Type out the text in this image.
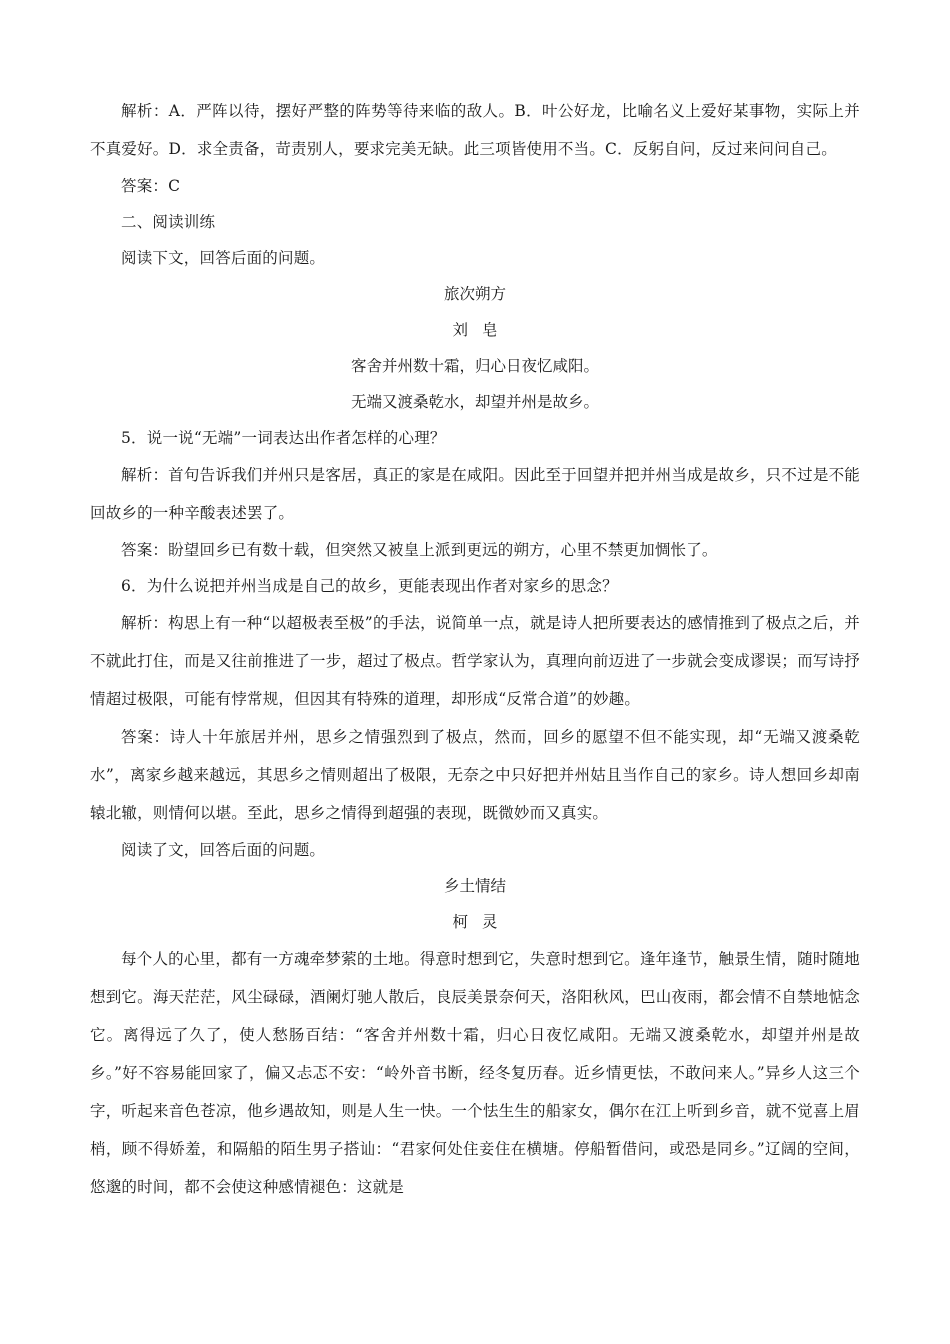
解析：A．严阵以待，摆好严整的阵势等待来临的敌人。B．叶公好龙，比喻名义上爱好某事物，实际上并不真爱好。D．求全责备，苛责别人，要求完美无缺。此三项皆使用不当。C．反躬自问，反过来问问自己。

答案：C

二、阅读训练

阅读下文，回答后面的问题。

旅次朔方

刘皂

客舍并州数十霜，归心日夜忆咸阳。

无端又渡桑乾水，却望并州是故乡。

5．说一说“无端”一词表达出作者怎样的心理？

解析：首句告诉我们并州只是客居，真正的家是在咸阳。因此至于回望并把并州当成是故乡，只不过是不能回故乡的一种辛酸表述罢了。

答案：盼望回乡已有数十载，但突然又被皇上派到更远的朔方，心里不禁更加惆怅了。

6．为什么说把并州当成是自己的故乡，更能表现出作者对家乡的思念？

解析：构思上有一种“以超极表至极”的手法，说简单一点，就是诗人把所要表达的感情推到了极点之后，并不就此打住，而是又往前推进了一步，超过了极点。哲学家认为，真理向前迈进了一步就会变成谬误；而写诗抒情超过极限，可能有悖常规，但因其有特殊的道理，却形成“反常合道”的妙趣。

答案：诗人十年旅居并州，思乡之情强烈到了极点，然而，回乡的愿望不但不能实现，却“无端又渡桑乾水”，离家乡越来越远，其思乡之情则超出了极限，无奈之中只好把并州姑且当作自己的家乡。诗人想回乡却南辕北辙，则情何以堪。至此，思乡之情得到超强的表现，既微妙而又真实。

阅读了文，回答后面的问题。

乡土情结

柯灵

每个人的心里，都有一方魂牵梦萦的土地。得意时想到它，失意时想到它。逢年逢节，触景生情，随时随地想到它。海天茫茫，风尘碌碌，酒阑灯驰人散后，良辰美景奈何天，洛阳秋风，巴山夜雨，都会情不自禁地惦念它。离得远了久了，使人愁肠百结：“客舍并州数十霜，归心日夜忆咸阳。无端又渡桑乾水，却望并州是故乡。”好不容易能回家了，偏又忐忑不安：“岭外音书断，经冬复历春。近乡情更怯，不敢问来人。”异乡人这三个字，听起来音色苍凉，他乡遇故知，则是人生一快。一个怯生生的船家女，偶尔在江上听到乡音，就不觉喜上眉梢，顾不得娇羞，和隔船的陌生男子搭讪：“君家何处住妾住在横塘。停船暂借问，或恐是同乡。”辽阔的空间，悠邈的时间，都不会使这种感情褪色：这就是
